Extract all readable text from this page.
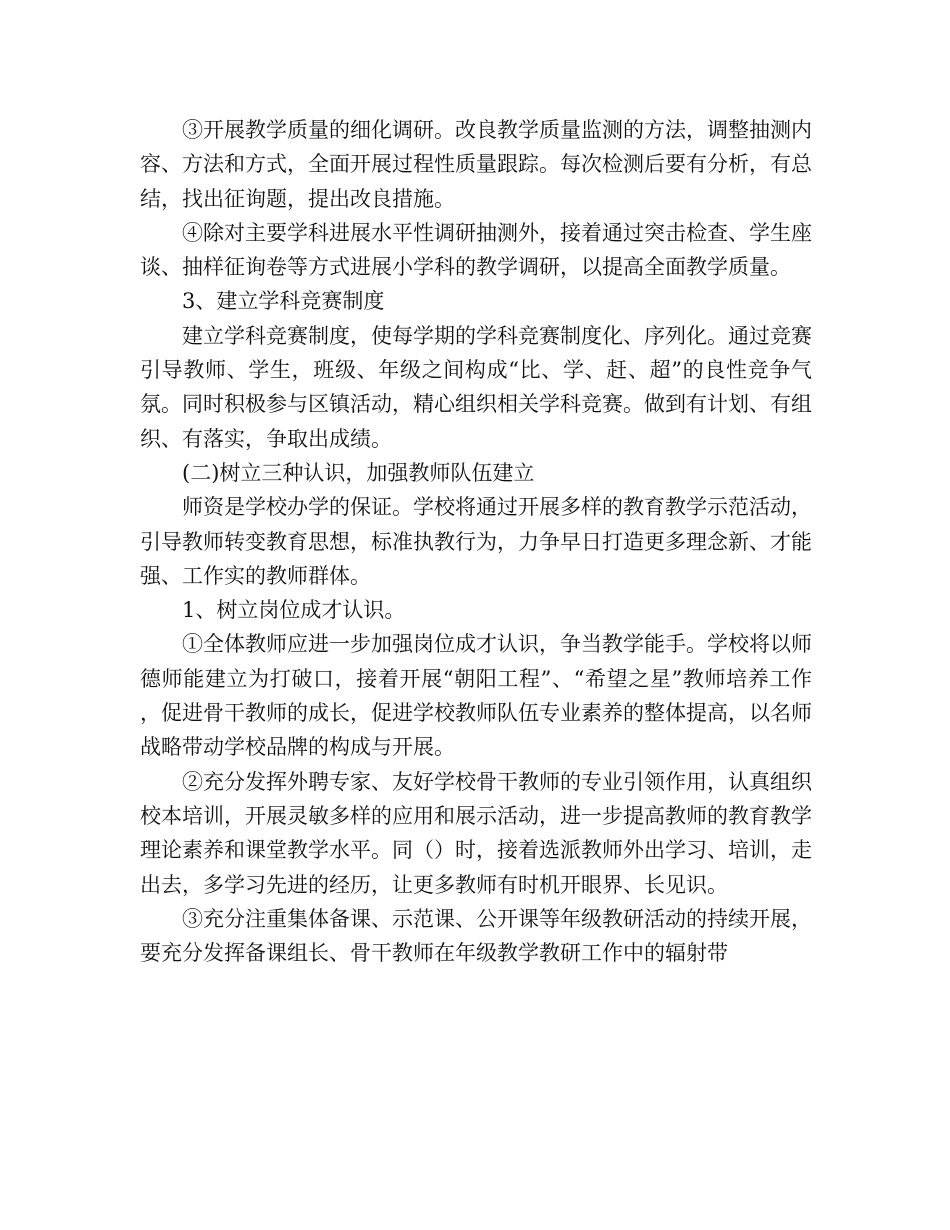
③开展教学质量的细化调研。改良教学质量监测的方法，调整抽测内容、方法和方式，全面开展过程性质量跟踪。每次检测后要有分析，有总结，找出征询题，提出改良措施。

④除对主要学科进展水平性调研抽测外，接着通过突击检查、学生座谈、抽样征询卷等方式进展小学科的教学调研，以提高全面教学质量。

3、建立学科竞赛制度

建立学科竞赛制度，使每学期的学科竞赛制度化、序列化。通过竞赛引导教师、学生，班级、年级之间构成“比、学、赶、超”的良性竞争气氛。同时积极参与区镇活动，精心组织相关学科竞赛。做到有计划、有组织、有落实，争取出成绩。

(二)树立三种认识，加强教师队伍建立

师资是学校办学的保证。学校将通过开展多样的教育教学示范活动，引导教师转变教育思想，标准执教行为，力争早日打造更多理念新、才能强、工作实的教师群体。

1、树立岗位成才认识。

①全体教师应进一步加强岗位成才认识，争当教学能手。学校将以师德师能建立为打破口，接着开展“朝阳工程”、“希望之星”教师培养工作，促进骨干教师的成长，促进学校教师队伍专业素养的整体提高，以名师战略带动学校品牌的构成与开展。

②充分发挥外聘专家、友好学校骨干教师的专业引领作用，认真组织校本培训，开展灵敏多样的应用和展示活动，进一步提高教师的教育教学理论素养和课堂教学水平。同（）时，接着选派教师外出学习、培训，走出去，多学习先进的经历，让更多教师有时机开眼界、长见识。

③充分注重集体备课、示范课、公开课等年级教研活动的持续开展，要充分发挥备课组长、骨干教师在年级教学教研工作中的辐射带
